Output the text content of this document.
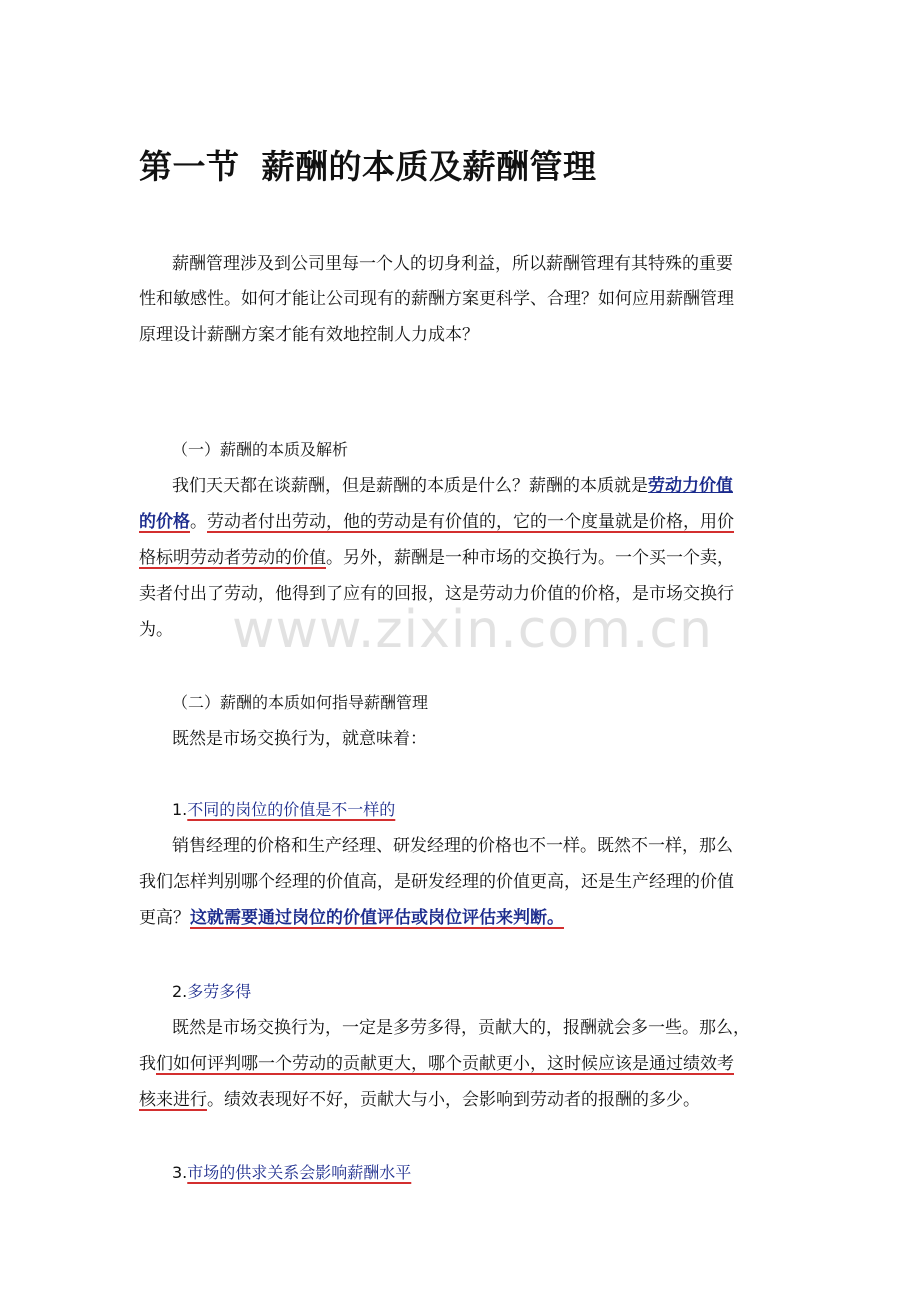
第一节 薪酬的本质及薪酬管理
薪酬管理涉及到公司里每一个人的切身利益，所以薪酬管理有其特殊的重要
性和敏感性。如何才能让公司现有的薪酬方案更科学、合理？如何应用薪酬管理
原理设计薪酬方案才能有效地控制人力成本？
（一）薪酬的本质及解析
我们天天都在谈薪酬，但是薪酬的本质是什么？薪酬的本质就是劳动力价值
的价格。劳动者付出劳动，他的劳动是有价值的，它的一个度量就是价格，用价
格标明劳动者劳动的价值。另外，薪酬是一种市场的交换行为。一个买一个卖，
卖者付出了劳动，他得到了应有的回报，这是劳动力价值的价格，是市场交换行
为。 www.zixin.com.cn
（二）薪酬的本质如何指导薪酬管理
既然是市场交换行为，就意味着：
1.不同的岗位的价值是不一样的
销售经理的价格和生产经理、研发经理的价格也不一样。既然不一样，那么
我们怎样判别哪个经理的价值高，是研发经理的价值更高，还是生产经理的价值
更高？这就需要通过岗位的价值评估或岗位评估来判断。
2.多劳多得
既然是市场交换行为，一定是多劳多得，贡献大的，报酬就会多一些。那么，
我们如何评判哪一个劳动的贡献更大，哪个贡献更小，这时候应该是通过绩效考
核来进行。绩效表现好不好，贡献大与小，会影响到劳动者的报酬的多少。
3.市场的供求关系会影响薪酬水平
